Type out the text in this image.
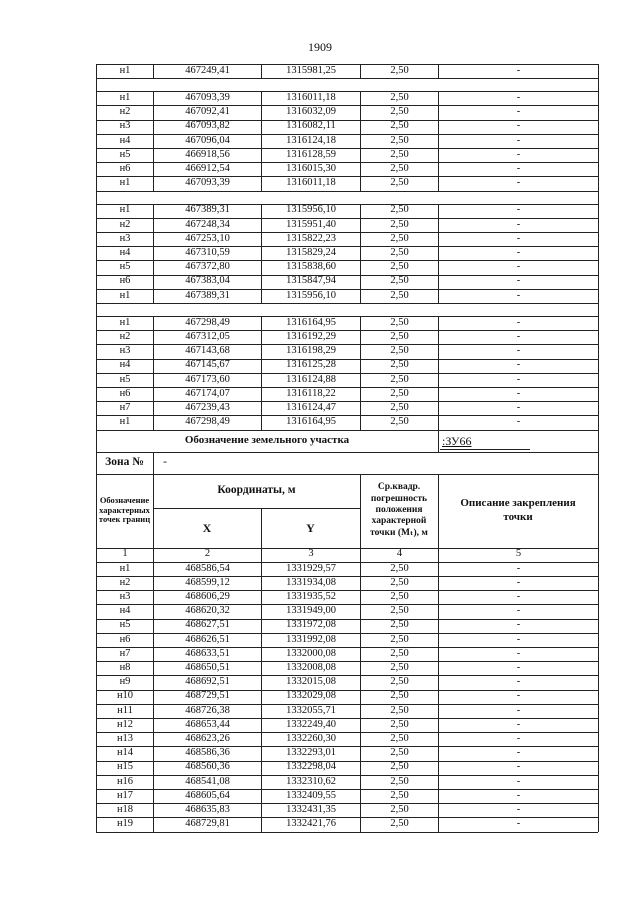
1909
н1	467249,41	1315981,25	2,50	-
н1	467093,39	1316011,18	2,50	-
н2	467092,41	1316032,09	2,50	-
н3	467093,82	1316082,11	2,50	-
н4	467096,04	1316124,18	2,50	-
н5	466918,56	1316128,59	2,50	-
н6	466912,54	1316015,30	2,50	-
н1	467093,39	1316011,18	2,50	-
н1	467389,31	1315956,10	2,50	-
н2	467248,34	1315951,40	2,50	-
н3	467253,10	1315822,23	2,50	-
н4	467310,59	1315829,24	2,50	-
н5	467372,80	1315838,60	2,50	-
н6	467383,04	1315847,94	2,50	-
н1	467389,31	1315956,10	2,50	-
н1	467298,49	1316164,95	2,50	-
н2	467312,05	1316192,29	2,50	-
н3	467143,68	1316198,29	2,50	-
н4	467145,67	1316125,28	2,50	-
н5	467173,60	1316124,88	2,50	-
н6	467174,07	1316118,22	2,50	-
н7	467239,43	1316124,47	2,50	-
н1	467298,49	1316164,95	2,50	-
Обозначение земельного участка	:ЗУ66
Зона №	-
Обозначение характерных точек границ
Координаты, м
X	Y
Ср.квадр. погрешность положения характерной точки (Mₜ), м
Описание закрепления точки
1	2	3	4	5
н1	468586,54	1331929,57	2,50	-
н2	468599,12	1331934,08	2,50	-
н3	468606,29	1331935,52	2,50	-
н4	468620,32	1331949,00	2,50	-
н5	468627,51	1331972,08	2,50	-
н6	468626,51	1331992,08	2,50	-
н7	468633,51	1332000,08	2,50	-
н8	468650,51	1332008,08	2,50	-
н9	468692,51	1332015,08	2,50	-
н10	468729,51	1332029,08	2,50	-
н11	468726,38	1332055,71	2,50	-
н12	468653,44	1332249,40	2,50	-
н13	468623,26	1332260,30	2,50	-
н14	468586,36	1332293,01	2,50	-
н15	468560,36	1332298,04	2,50	-
н16	468541,08	1332310,62	2,50	-
н17	468605,64	1332409,55	2,50	-
н18	468635,83	1332431,35	2,50	-
н19	468729,81	1332421,76	2,50	-
